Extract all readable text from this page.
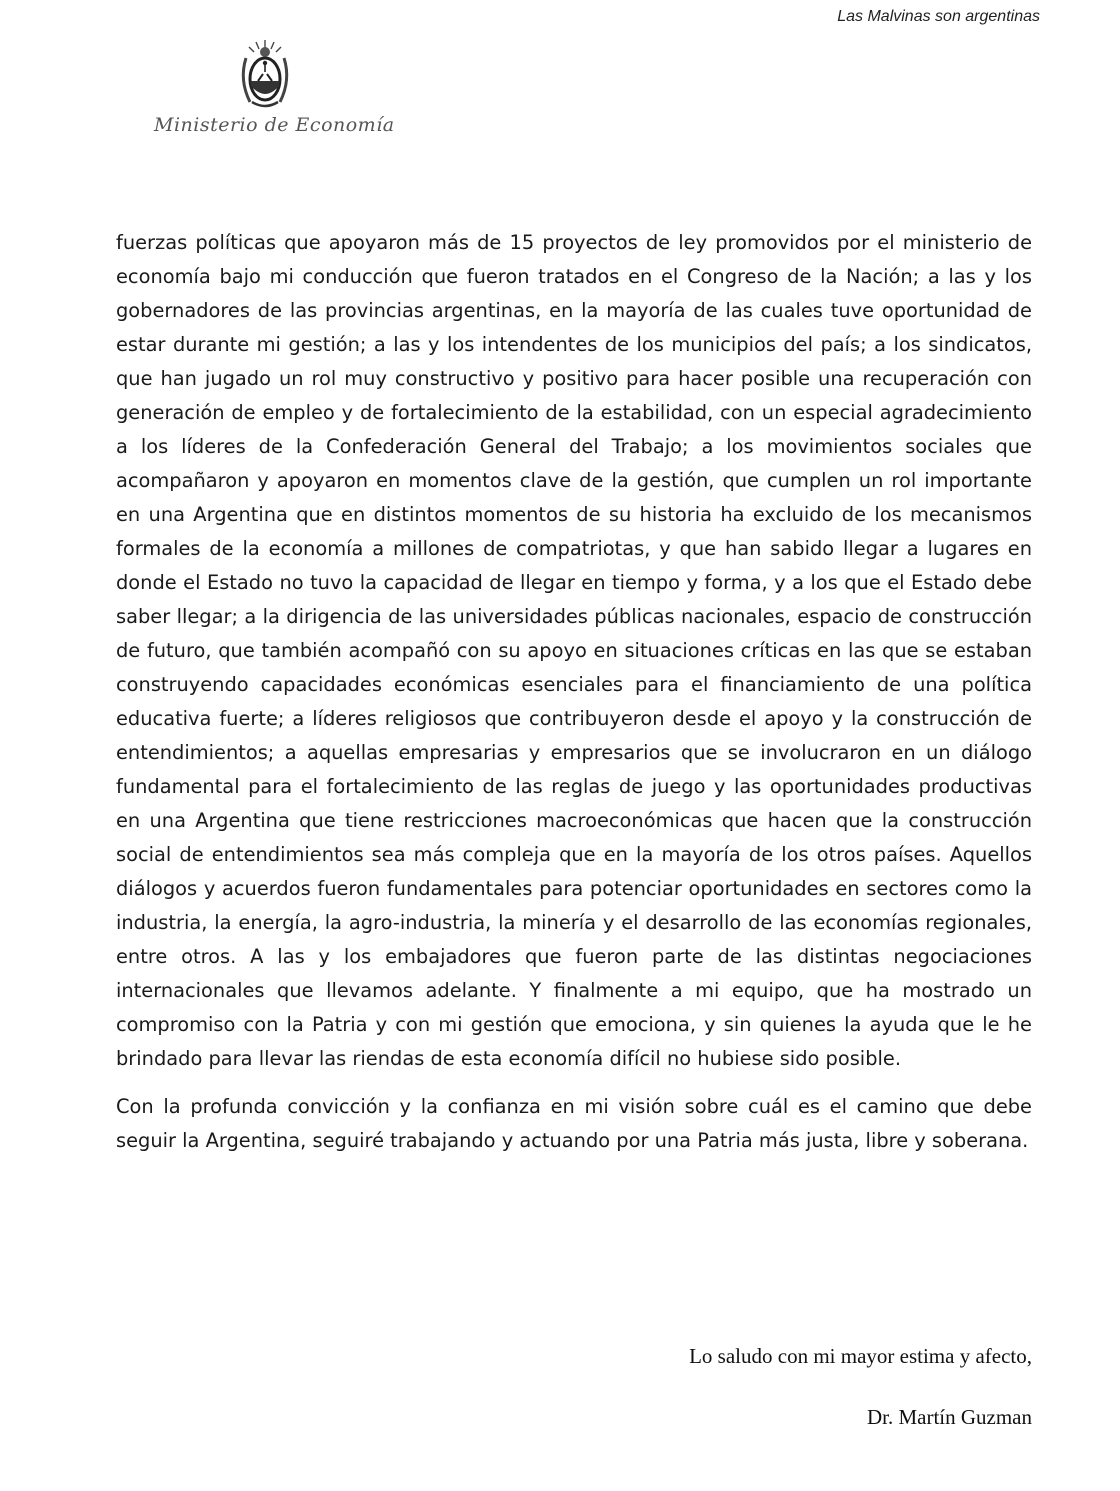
Las Malvinas son argentinas
Ministerio de Economía

fuerzas políticas que apoyaron más de 15 proyectos de ley promovidos por el ministerio de economía bajo mi conducción que fueron tratados en el Congreso de la Nación; a las y los gobernadores de las provincias argentinas, en la mayoría de las cuales tuve oportunidad de estar durante mi gestión; a las y los intendentes de los municipios del país; a los sindicatos, que han jugado un rol muy constructivo y positivo para hacer posible una recuperación con generación de empleo y de fortalecimiento de la estabilidad, con un especial agradecimiento a los líderes de la Confederación General del Trabajo; a los movimientos sociales que acompañaron y apoyaron en momentos clave de la gestión, que cumplen un rol importante en una Argentina que en distintos momentos de su historia ha excluido de los mecanismos formales de la economía a millones de compatriotas, y que han sabido llegar a lugares en donde el Estado no tuvo la capacidad de llegar en tiempo y forma, y a los que el Estado debe saber llegar; a la dirigencia de las universidades públicas nacionales, espacio de construcción de futuro, que también acompañó con su apoyo en situaciones críticas en las que se estaban construyendo capacidades económicas esenciales para el financiamiento de una política educativa fuerte; a líderes religiosos que contribuyeron desde el apoyo y la construcción de entendimientos; a aquellas empresarias y empresarios que se involucraron en un diálogo fundamental para el fortalecimiento de las reglas de juego y las oportunidades productivas en una Argentina que tiene restricciones macroeconómicas que hacen que la construcción social de entendimientos sea más compleja que en la mayoría de los otros países. Aquellos diálogos y acuerdos fueron fundamentales para potenciar oportunidades en sectores como la industria, la energía, la agro-industria, la minería y el desarrollo de las economías regionales, entre otros. A las y los embajadores que fueron parte de las distintas negociaciones internacionales que llevamos adelante. Y finalmente a mi equipo, que ha mostrado un compromiso con la Patria y con mi gestión que emociona, y sin quienes la ayuda que le he brindado para llevar las riendas de esta economía difícil no hubiese sido posible.

Con la profunda convicción y la confianza en mi visión sobre cuál es el camino que debe seguir la Argentina, seguiré trabajando y actuando por una Patria más justa, libre y soberana.

Lo saludo con mi mayor estima y afecto,
Dr. Martín Guzman
